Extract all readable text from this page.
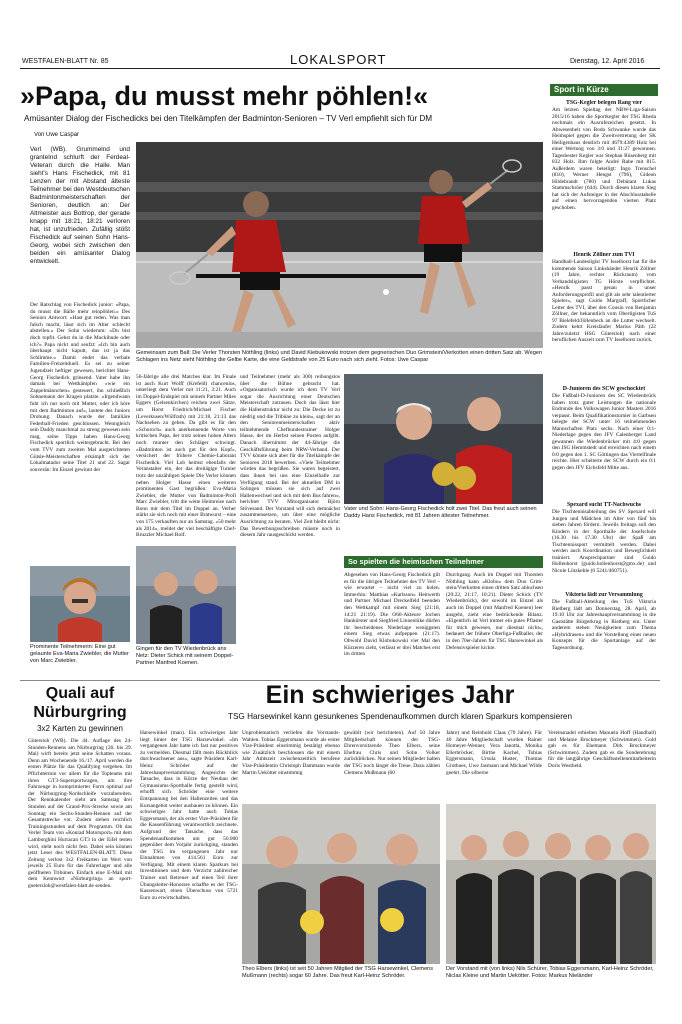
WESTFALEN-BLATT Nr. 85	LOKALSPORT	Dienstag, 12. April 2016
»Papa, du musst mehr pöhlen!«
Amüsanter Dialog der Fischedicks bei den Titelkämpfen der Badminton-Senioren – TV Verl empfiehlt sich für DM
Von Uwe Caspar
Verl (WB). Grummelnd und granteInd schlurft der Ferdeal-Veteran durch die Halle. Man sieht's Hans Fischedick, mit 81 Lenzen der mit Abstand älteste Teilnehmer bei den Westdeutschen Badmintonmeisterschaften der Senioren, deutlich an: Der Altmeister aus Bottrop, der gerade knapp mit 18:21, 18:21 verloren hat, ist unzufrieden. Zufällig stößt Fischedick auf seinen Sohn Hans-Georg, wobei sich zwischen den beiden ein amüsanter Dialog entwickelt.
Der Ratschlag von Fischedick junior: »Papa, du musst die Bälle mehr reinpöhlen.« Des Seniors Antwort: »Hast gut reden. Was man falsch macht, lässt sich im Alter schlecht abstellen.« Der Sohn wiederum: »Du bist doch topfit. Gehst du in die Muckibude oder ich?« Papa nickt und seufzt: »Ich bin auch überhaupt nicht kaputt, das ist ja das Schlimme.« Damit endet das verbale Familien-Freizeitduell. Es sei zu seiner Jugendzeit heftiger gewesen, berichtet Hans-Georg Fischedick grinsend. Vater habe ihn damals bei Wettkämpfen »wie ein Zappelmännchen« gesteuert, ihn schließlich Sohnemann der Kragen platzte. »Irgendwann fuhr ich nur noch mit Mutter, oder ich höre mit dem Badminton auf«, lautete des Juniors Drohung. Danach wurde der familiäre Federball-Frieden geschlossen. Wenngleich sein Daddy manchmal zu streng gewesen sein mag, seine Tipps haben Hans-Georg Fischedick sportlich weitergebracht. Bei den vom TVV zum zweiten Mal ausgerichteten Gütsle-Meisterschaften erkämpft sich der Lokalmatador seine Titel 21 und 22. Sagar souverän: Im Einzel gewinnt der
Gemeinsam zum Ball: Die Verler Thorsten Nöthling (links) und David Kiebukowski trotzen dem gegnerischen Duo Grimstein/Vierkotten einen dritten Satz ab. Wegen Schlagen ins Netz sieht Nöthling die Gelbe Karte, die eine Geldstrafe von 25 Euro nach sich zieht. Fotos: Uwe Caspar
56-Jährige alle drei Matches klar. Im Finale ist auch Kurt Wolff (Krefeld) chancenlos, unterliegt dem Verler mit 11:21, 3:21. Auch im Doppel-Endspiel mit seinem Partner Miles Eggers (Gelsenkirchen) reichen zwei Sätze, um Horst Friedrich/Michael Fischer (Leverkusen/Wülfrath) mit 21:18, 21:13 das Nachsehen zu geben. Da gibt es für den »Schoroch« auch anerkennende Worte von kritischen Papa, der trotz seines hohen Alters noch munter den Schläger schwingt. »Badminton ist auch gut für den Kopf«, versichert der frühere Chemie-Laborant Fischedick. Viel Lob heimst ebenfalls der Veranstalter ein, der das dreitägige Turnier trotz der unzähligen Spiele Die Verler können neben Holger Hasse einen weiteren prominenten Gast begrüßen: Eva-Maria Zwiebler, die Mutter von Badminton-Profi Marc Zwiebler, tritt die weite Heimreise nach Bonn mit dem Titel im Doppel an. Verher stärkt sie sich noch mit einer Bratwurst – eine von 175 verkauften nur an Samstag. »50 mehr als 2014«, meldet der viel beschäftigte Chef-Bruzzler Michael Rolf.
und Teilnehmer (mehr als 300) reibungslos über die Bühne gebracht hat. »Organisatorisch wurde ich dem TV Verl sogar die Ausrichtung einer Deutschen Meisterschaft zutrauen. Doch das lässt hier die Hallenstruktur nicht zu: Die Decke ist zu niedrig und die Tribüne zu klein«, sagt der an den Seniorenmeisterschaften aktiv teilnehmende Chefbundestrainer Holger Hasse, der im Herbst seinen Posten aufgibt. Danach übernimmt der 44-Jährige die Geschäftsführung beim NRW-Verband. Der TVV könnte sich aber für die Titelkämpfe der Senioren 2018 bewerben. »Viele Teilnehmer würden das begrüßen. Sie waren begeistert, dass ihnen bei uns eine Einzelhalle zur Verfügung stand. Bei der aktuellen DM in Solingen müssen sie sich auf zwei Hallenwechsel und sich mit dem Bus fahren«, berichtet TVV Mitorganisator Björn Stövesand. Der Vorstand will sich demnächst zusammensetzen, um über eine mögliche Ausrichtung zu beraten. Viel Zeit bleibt nicht: Das Bewerbungsschreiben müsste noch in diesem Jahr rausgeschickt werden.
Prominente Teilnehmerin: Eine gut gelaunte Eva-Maria Zwiebler, die Mutter von Marc Zwiebler.
Gingen für den TV Wiedenbrück ans Netz: Dieter Schick mit seinem Doppel-Partner Manfred Koenen.
Vater und Sohn: Hans-Georg Fischedick holt zwei Titel. Das freut auch seinen Daddy Hans Fischedick, mit 81 Jahren ältester Teilnehmer.
So spielten die heimischen Teilnehmer
Abgesehen von Hans-Georg Fischedick gilt es für die übrigen Teilnehmer des TV Verl – wie erwartet – nicht viel zu holen. Immerhin: Matthias »Karlsson« Heitwerth und Partner Michael Dreckelfeld beenden den Wettkampf mit einem Sieg (21:18, 14:21 21:19). Die O60-Akteure Jochen Hankörster und Siegfried Linnenlüke dürfen ihr bescheidenes Niederlage weniggsten einem Sieg etwas aufpeppen (21:17). Obwohl David Klobukowski vier Mal den Kürzeren zieht, verlässt er drei Matches erst im dritten
Durchgang. Auch im Doppel mit Thorsten Nöthling kann »Klobu« dem Duo Grim-stein/Vierkotten einen dritten Satz abluchsen (20:22, 21:17, 10:21). Dieter Schick (TV Wiedenbrück), der sowohl im Einzel als auch im Doppel (mit Manfred Koenen) leer ausgeht, zieht eine bedrückende Bilanz. »Eigentlich ist Verl immer ein gutes Pflaster für mich gewesen, nur diesmal nicht«, bedauert der frühere Oberliga-Fußballer, der in den 70er-Jahren für TSG Harsewinkel als Defensivspieler kickte.
Sport in Kürze
TSG-Kegler belegen Rang vier
Am letzten Spieltag der NBW-Liga-Saison 2015/16 haben die Sportkegler der TSG Rheda nochmals ein Ausrufezeichen gesetzt. In Abwesenheit von Bodo Schwanke wurde das Heimspiel gegen die Zweitvertretung der SK Heiligenhaus deutlich mit 4679:4389 Holz bei einer Wertung von 3:0 und 31:27 gewonnen. Tagesbester Kegler war Stephan Rüsenberg mit 832 Holz. Ihm folgte André Rabe mit 815. Außerdem waren beteiligt: Ingo Trenschel (810), Werner Hengst (796), Gideon Hildebrandt (780) und Debütant Lukas Stammschröer (644). Durch diesen klaren Sieg hat sich der Aufsteiger in der Abschlusstabelle auf einen hervorragenden vierten Platz geschoben.
Henrik Zöllner zum TVI
Handball-Landesligist TV Isselhorst hat für die kommende Saison Linkshänder Henrik Zöllner (19 Jahre, rechter Rückraum) vom Verbandsligisten TG Hörste verpflichtet. »Henrik passt genau in unser Anforderungsprofil und gilt als sehr talentierter Spieler«, sagt Guido Margraff, Sportlicher Leiter des TVI, über den Cousin von Benjamin Zöllner, der bekanntlich vom Oberligisten TuS 97 Bielefeld/Jöllenbeck an die Lutter wechselt. Zudem kehrt Kreisläufer Marius Päth (22 Jahre/zuletzt HSG Gütersloh) nach einer beruflichen Auszeit zum TV Isselhorst zurück.
D-Junioren des SCW geschocktet
Die Fußball-D-Junioren des SC Wiedenbrück haben trotz guter Leistungen die nationale Endrunde des Volkswagen Junior Masters 2016 verpasst. Beim Qualifikationsturnier in Garbsen belegte der SCW unter 16 teilnehmenden Mannschaften Platz sechs. Nach einer 0:1-Niederlage gegen den JFV Calenberger Land gewannen die Wiedenbrücker mit 4:0 gegen den JSG Hemmstedt und erreichten nach einem 0:0 gegen den 1. SC Göttingen das Viertelfinale reichte. Hier scheiterte der SCW durch ein 0:1 gegen den JFV Eichsfeld Mitte aus.
Spexard sucht TT-Nachwuchs
Die Tischtennisabteilung des SV Spexard will Jungen und Mädchen im Alter von fünf bis sieben Jahren fördern. Jeweils freitags soll den Kindern in der Sporthalle der Josefschule (16.30 bis 17.30 Uhr) der Spaß am Tischtennissport vermittelt werden. Dabei werden auch Koordination und Beweglichkeit trainiert. Ansprechpartner sind Guido Hollenhorst (guido.hollenhorst@gmx.de) und Nicole Lützkeble (0 5241/460751).
Viktoria lädt zur Versammlung
Die Fußball-Abteilung des TuS Viktoria Rietberg lädt am Donnerstag, 28. April, ab 19.10 Uhr zur Jahreshauptversammlung in die Gaststätte Bürgerkrug in Rietberg ein. Unter anderem stehen Neuigkeiten zum Thema »Hybridrasen« und die Vorstellung eines neuen Konzepts für die Sportanlage auf der Tagesordnung.
Quali auf Nürburgring
3x2 Karten zu gewinnen
Gütersloh (WB). Die 44. Auflage des 24-Stunden-Rennens am Nürburgring (26. bis 29. Mai) wirft bereits jetzt seine Schatten voraus. Denn am Wochenende 16./17. April werden die ersten Plätze für das Qualifying vergeben. Im Pflichttermin vor allem für die Topteams mit ihren GT3-Supersportwagen, um ihre Fahrzeuge in komprimierter Form optimal auf der Nürburgring-Nordschleife vorzubereiten. Der Rennkalender sieht am Samstag drei Stunden auf der Grand-Prix-Strecke sowie am Sonntag ein Sechs-Stunden-Rennen auf der Gesamtstrecke vor. Zudem stehen reichlich Trainingsstunden auf dem Programm. Ob das Verler Team von »Konrad Motorsport« mit dem Lamborghini Hurracan GT3 in der Eifel testen wird, steht noch nicht fest. Dabei sein können jetzt Leser des WESTFALEN-BLATT. Diese Zeitung verlost 3x2 Freikarten im Wert von jeweils 25 Euro für das Fahrerlager und alle geöffneten Tribünen. Einfach eine E-Mail mit dem Kennwort »Nürburgring« an sport-guetersloh@westfalen-blatt.de senden.
Ein schwieriges Jahr
TSG Harsewinkel kann gesunkenes Spendenaufkommen durch klaren Sparkurs kompensieren
Harsewinkel (man). Ein schwieriges Jahr liegt hinter der TSG Harsewinkel. »Im vergangenen Jahr hatte ich fast nur positives zu vermelden. Diesmal fällt mein Rückblick durchwachsener aus«, sagte Präsident Karl-Heinz Schröder auf der Jahreshauptversammlung. Angesichts der Tatsache, dass in Kürze der Neubau der Gymnasiums-Sporthalle fertig gestellt wird, erhofft sich Schröder eine weitere Entspannung bei den Hallenzeiten und das Kursangebot weiter ausbauen zu können. Ein schwieriges Jahr hatte auch Tobias Eggersmann, der als erster Vize-Präsident für die Kassenführung verantwortlich zeichnete. Aufgrund der Tatsache, dass das Spendenaufkommen um gut 50.000 gegenüber dem Vorjahr zurückging, standen der TSG im vergangenen Jahr nur Einnahmen von 414.561 Euro zur Verfügung. Mit einem klaren Sparkurs bei Investitionen und dem Verzicht zahlreicher Trainer und Betreuer auf einen Teil ihrer Übungsleiter-Honorare schaffte es der TSG-Kassenwart, einen Überschuss von 5721 Euro zu erwirtschaften.
Unproblematisch verliefen die Vorstands-Wahlen. Tobias Eggersmann wurde als erster Vize-Präsident einstimmig bestätigt ebenso wie Zusätzlich beschlossen die mit einem Jahr Amtszeit zwischenzeitlich berufene Vize-Präsidentin Christoph Dammann wurde Martin Uekötter einstimmig
gewählt (wir berichteten). Auf 50 Jahre Mitgliedschaft können der TSG-Ehrenvorsitzende Theo Elbers, seine Ehefrau Chris und Sohn Volker zurückblicken. Nur seinen Mitglieder halten der TSG noch länger die Treue. Dazu zählen Clemens Mußmann (60
Jahre) und Reinhold Claas (70 Jahre). Für 40 Jahre Mitgliedschaft wurden Rainer Homeyer-Wenner, Vera Janotta, Monika Ellerbröcker, Birthe Kachel, Tobias Eggersmann, Ursula Huster, Thomas Grothues, Uwe Jasmann und Michael Wilde geehrt. Die silberne
Vereinsnadel erhielten Manuela Hoff (Handball) und Melanie Brockmeyer (Schwimmen). Gold gab es für Ehemann Dirk Brockmeyer (Schwimmen). Zudem gab es die Sonderehrung für die langjährige Geschäftsstellenmitarbeiterin Doris Westheld.
Theo Elbers (links) ist seit 50 Jahren Mitglied der TSG Harsewinkel, Clemens Mußmann (rechts) sogar 60 Jahre. Das freut Karl-Heinz Schröder.
Der Vorstand mit (von links) Nils Schürer, Tobias Eggersmann, Karl-Heinz Schröder, Niclas Kleine und Martin Uekötter. Fotos: Markus Nieländer
